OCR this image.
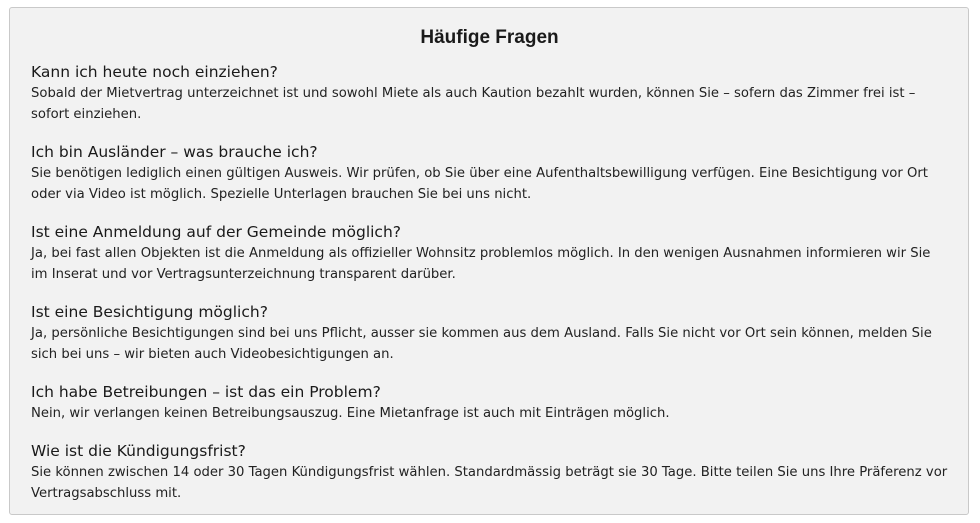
Häufige Fragen
Kann ich heute noch einziehen?

Sobald der Mietvertrag unterzeichnet ist und sowohl Miete als auch Kaution bezahlt wurden, können Sie – sofern das Zimmer frei ist – sofort einziehen.

Ich bin Ausländer – was brauche ich?

Sie benötigen lediglich einen gültigen Ausweis. Wir prüfen, ob Sie über eine Aufenthaltsbewilligung verfügen. Eine Besichtigung vor Ort oder via Video ist möglich. Spezielle Unterlagen brauchen Sie bei uns nicht.

Ist eine Anmeldung auf der Gemeinde möglich?

Ja, bei fast allen Objekten ist die Anmeldung als offizieller Wohnsitz problemlos möglich. In den wenigen Ausnahmen informieren wir Sie im Inserat und vor Vertragsunterzeichnung transparent darüber.

Ist eine Besichtigung möglich?

Ja, persönliche Besichtigungen sind bei uns Pflicht, ausser sie kommen aus dem Ausland. Falls Sie nicht vor Ort sein können, melden Sie sich bei uns – wir bieten auch Videobesichtigungen an.

Ich habe Betreibungen – ist das ein Problem?

Nein, wir verlangen keinen Betreibungsauszug. Eine Mietanfrage ist auch mit Einträgen möglich.

Wie ist die Kündigungsfrist?

Sie können zwischen 14 oder 30 Tagen Kündigungsfrist wählen. Standardmässig beträgt sie 30 Tage. Bitte teilen Sie uns Ihre Präferenz vor Vertragsabschluss mit.
